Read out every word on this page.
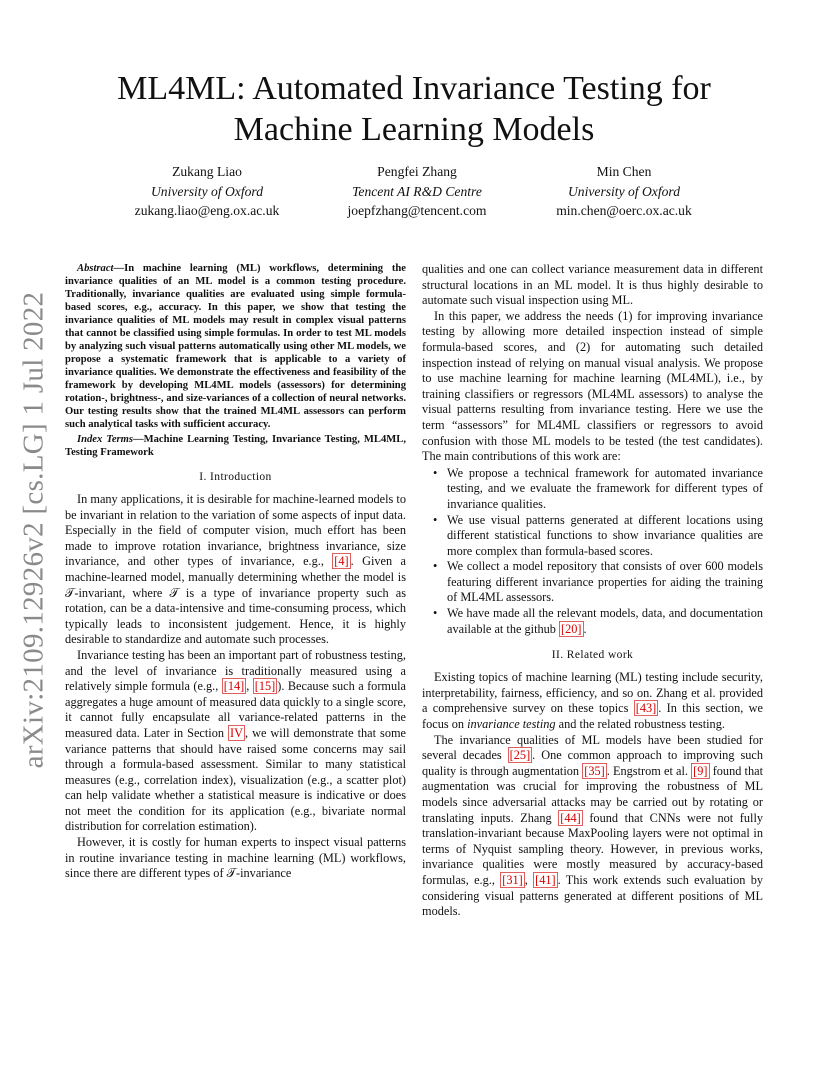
arXiv:2109.12926v2 [cs.LG] 1 Jul 2022
ML4ML: Automated Invariance Testing for
Machine Learning Models
Zukang Liao
University of Oxford
zukang.liao@eng.ox.ac.uk
Pengfei Zhang
Tencent AI R&D Centre
joepfzhang@tencent.com
Min Chen
University of Oxford
min.chen@oerc.ox.ac.uk

Abstract—In machine learning (ML) workflows, determining the invariance qualities of an ML model is a common testing procedure. Traditionally, invariance qualities are evaluated using simple formula-based scores, e.g., accuracy. In this paper, we show that testing the invariance qualities of ML models may result in complex visual patterns that cannot be classified using simple formulas. In order to test ML models by analyzing such visual patterns automatically using other ML models, we propose a systematic framework that is applicable to a variety of invariance qualities. We demonstrate the effectiveness and feasibility of the framework by developing ML4ML models (assessors) for determining rotation-, brightness-, and size-variances of a collection of neural networks. Our testing results show that the trained ML4ML assessors can perform such analytical tasks with sufficient accuracy.

Index Terms—Machine Learning Testing, Invariance Testing, ML4ML, Testing Framework

I. Introduction

In many applications, it is desirable for machine-learned models to be invariant in relation to the variation of some aspects of input data. Especially in the field of computer vision, much effort has been made to improve rotation invariance, brightness invariance, size invariance, and other types of invariance, e.g., [4] . Given a machine-learned model, manually determining whether the model is 𝒯-invariant, where 𝒯 is a type of invariance property such as rotation, can be a data-intensive and time-consuming process, which typically leads to inconsistent judgement. Hence, it is highly desirable to standardize and automate such processes.

Invariance testing has been an important part of robustness testing, and the level of invariance is traditionally measured using a relatively simple formula (e.g., [14] , [15] ). Because such a formula aggregates a huge amount of measured data quickly to a single score, it cannot fully encapsulate all variance-related patterns in the measured data. Later in Section IV , we will demonstrate that some variance patterns that should have raised some concerns may sail through a formula-based assessment. Similar to many statistical measures (e.g., correlation index), visualization (e.g., a scatter plot) can help validate whether a statistical measure is indicative or does not meet the condition for its application (e.g., bivariate normal distribution for correlation estimation).

However, it is costly for human experts to inspect visual patterns in routine invariance testing in machine learning (ML) workflows, since there are different types of 𝒯-invariance

qualities and one can collect variance measurement data in different structural locations in an ML model. It is thus highly desirable to automate such visual inspection using ML.

In this paper, we address the needs (1) for improving invariance testing by allowing more detailed inspection instead of simple formula-based scores, and (2) for automating such detailed inspection instead of relying on manual visual analysis. We propose to use machine learning for machine learning (ML4ML), i.e., by training classifiers or regressors (ML4ML assessors) to analyse the visual patterns resulting from invariance testing. Here we use the term “assessors” for ML4ML classifiers or regressors to avoid confusion with those ML models to be tested (the test candidates). The main contributions of this work are:

• We propose a technical framework for automated invariance testing, and we evaluate the framework for different types of invariance qualities.
• We use visual patterns generated at different locations using different statistical functions to show invariance qualities are more complex than formula-based scores.
• We collect a model repository that consists of over 600 models featuring different invariance properties for aiding the training of ML4ML assessors.
• We have made all the relevant models, data, and documentation available at the github [20] .
II. Related work

Existing topics of machine learning (ML) testing include security, interpretability, fairness, efficiency, and so on. Zhang et al. provided a comprehensive survey on these topics [43] . In this section, we focus on invariance testing and the related robustness testing.

The invariance qualities of ML models have been studied for several decades [25] . One common approach to improving such quality is through augmentation [35] . Engstrom et al. [9] found that augmentation was crucial for improving the robustness of ML models since adversarial attacks may be carried out by rotating or translating inputs. Zhang [44] found that CNNs were not fully translation-invariant because MaxPooling layers were not optimal in terms of Nyquist sampling theory. However, in previous works, invariance qualities were mostly measured by accuracy-based formulas, e.g., [31] , [41] . This work extends such evaluation by considering visual patterns generated at different positions of ML models.
